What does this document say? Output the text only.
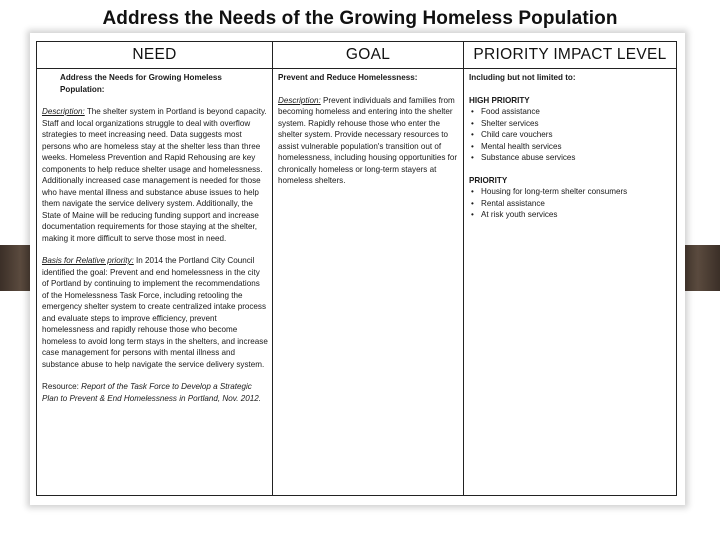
Address the Needs of the Growing Homeless Population
NEED
Address the Needs for Growing Homeless Population:
Description: The shelter system in Portland is beyond capacity. Staff and local organizations struggle to deal with overflow strategies to meet increasing need. Data suggests most persons who are homeless stay at the shelter less than three weeks. Homeless Prevention and Rapid Rehousing are key components to help reduce shelter usage and homelessness. Additionally increased case management is needed for those who have mental illness and substance abuse issues to help them navigate the service delivery system. Additionally, the State of Maine will be reducing funding support and increase documentation requirements for those staying at the shelter, making it more difficult to serve those most in need.
Basis for Relative priority: In 2014 the Portland City Council identified the goal: Prevent and end homelessness in the city of Portland by continuing to implement the recommendations of the Homelessness Task Force, including retooling the emergency shelter system to create centralized intake process and evaluate steps to improve efficiency, prevent homelessness and rapidly rehouse those who become homeless to avoid long term stays in the shelters, and increase case management for persons with mental illness and substance abuse to help navigate the service delivery system.
Resource: Report of the Task Force to Develop a Strategic Plan to Prevent & End Homelessness in Portland, Nov. 2012.
GOAL
Prevent and Reduce Homelessness:
Description: Prevent individuals and families from becoming homeless and entering into the shelter system. Rapidly rehouse those who enter the shelter system. Provide necessary resources to assist vulnerable population's transition out of homelessness, including housing opportunities for chronically homeless or long-term stayers at homeless shelters.
PRIORITY IMPACT LEVEL
Including but not limited to:
HIGH PRIORITY
• Food assistance
• Shelter services
• Child care vouchers
• Mental health services
• Substance abuse services
PRIORITY
• Housing for long-term shelter consumers
• Rental assistance
• At risk youth services
